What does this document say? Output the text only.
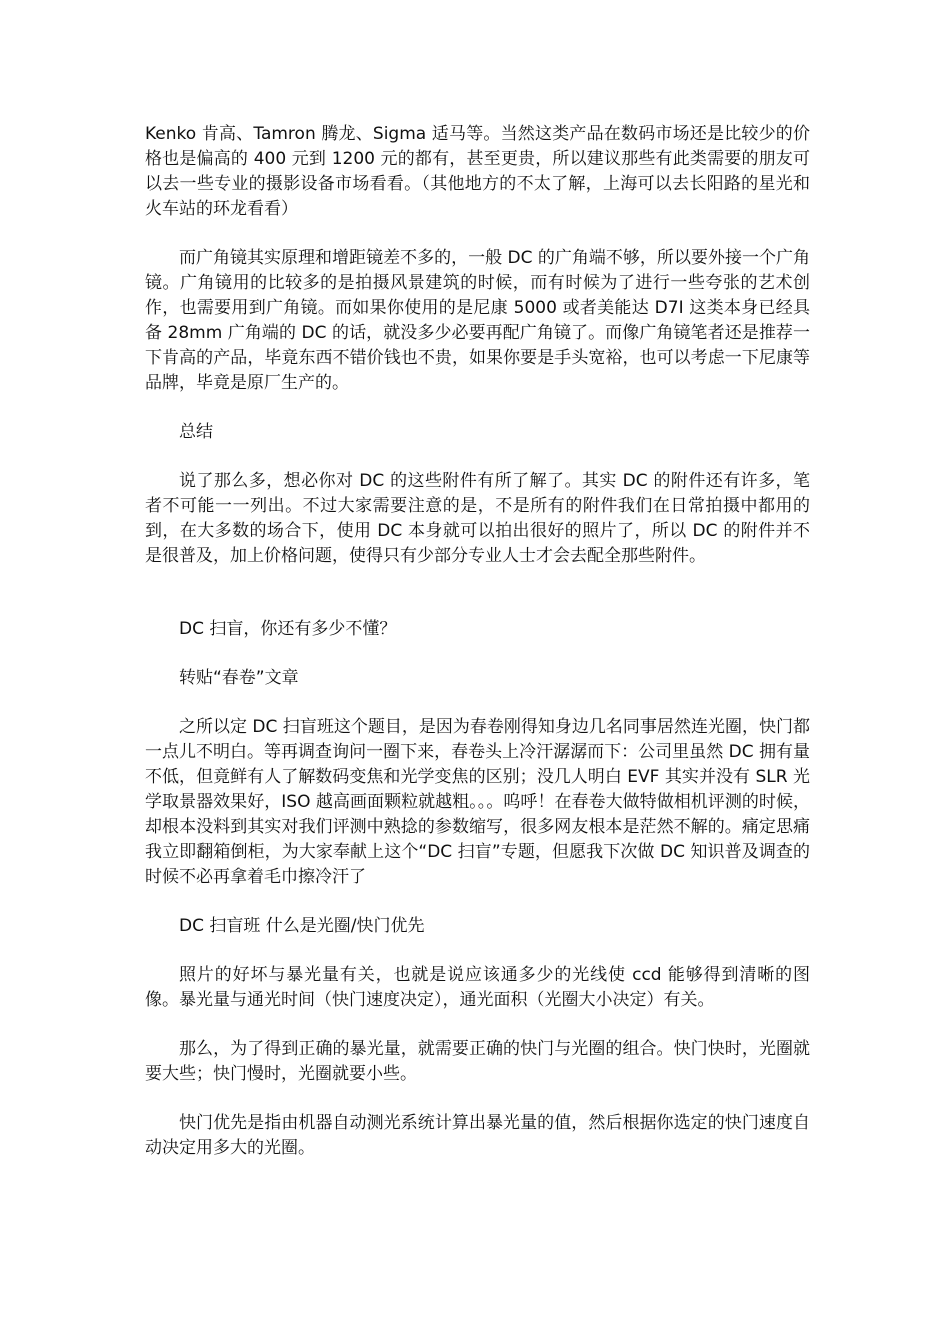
Kenko 肯高、Tamron 腾龙、Sigma 适马等。当然这类产品在数码市场还是比较少的价格也是偏高的 400 元到 1200 元的都有，甚至更贵，所以建议那些有此类需要的朋友可以去一些专业的摄影设备市场看看。（其他地方的不太了解，上海可以去长阳路的星光和火车站的环龙看看）

而广角镜其实原理和增距镜差不多的，一般 DC 的广角端不够，所以要外接一个广角镜。广角镜用的比较多的是拍摄风景建筑的时候，而有时候为了进行一些夸张的艺术创作，也需要用到广角镜。而如果你使用的是尼康 5000 或者美能达 D7I 这类本身已经具备 28mm 广角端的 DC 的话，就没多少必要再配广角镜了。而像广角镜笔者还是推荐一下肯高的产品，毕竟东西不错价钱也不贵，如果你要是手头宽裕，也可以考虑一下尼康等品牌，毕竟是原厂生产的。

总结

说了那么多，想必你对 DC 的这些附件有所了解了。其实 DC 的附件还有许多，笔者不可能一一列出。不过大家需要注意的是，不是所有的附件我们在日常拍摄中都用的到，在大多数的场合下，使用 DC 本身就可以拍出很好的照片了，所以 DC 的附件并不是很普及，加上价格问题，使得只有少部分专业人士才会去配全那些附件。

DC 扫盲，你还有多少不懂？

转贴“春卷”文章

之所以定 DC 扫盲班这个题目，是因为春卷刚得知身边几名同事居然连光圈，快门都一点儿不明白。等再调查询问一圈下来，春卷头上冷汗潺潺而下：公司里虽然 DC 拥有量不低，但竟鲜有人了解数码变焦和光学变焦的区别；没几人明白 EVF 其实并没有 SLR 光学取景器效果好，ISO 越高画面颗粒就越粗。。。呜呼！在春卷大做特做相机评测的时候，却根本没料到其实对我们评测中熟捻的参数缩写，很多网友根本是茫然不解的。痛定思痛我立即翻箱倒柜，为大家奉献上这个“DC 扫盲”专题，但愿我下次做 DC 知识普及调查的时候不必再拿着毛巾擦冷汗了

DC 扫盲班 什么是光圈/快门优先

照片的好坏与暴光量有关，也就是说应该通多少的光线使 ccd 能够得到清晰的图像。暴光量与通光时间（快门速度决定），通光面积（光圈大小决定）有关。

那么，为了得到正确的暴光量，就需要正确的快门与光圈的组合。快门快时，光圈就要大些；快门慢时，光圈就要小些。

快门优先是指由机器自动测光系统计算出暴光量的值，然后根据你选定的快门速度自动决定用多大的光圈。
